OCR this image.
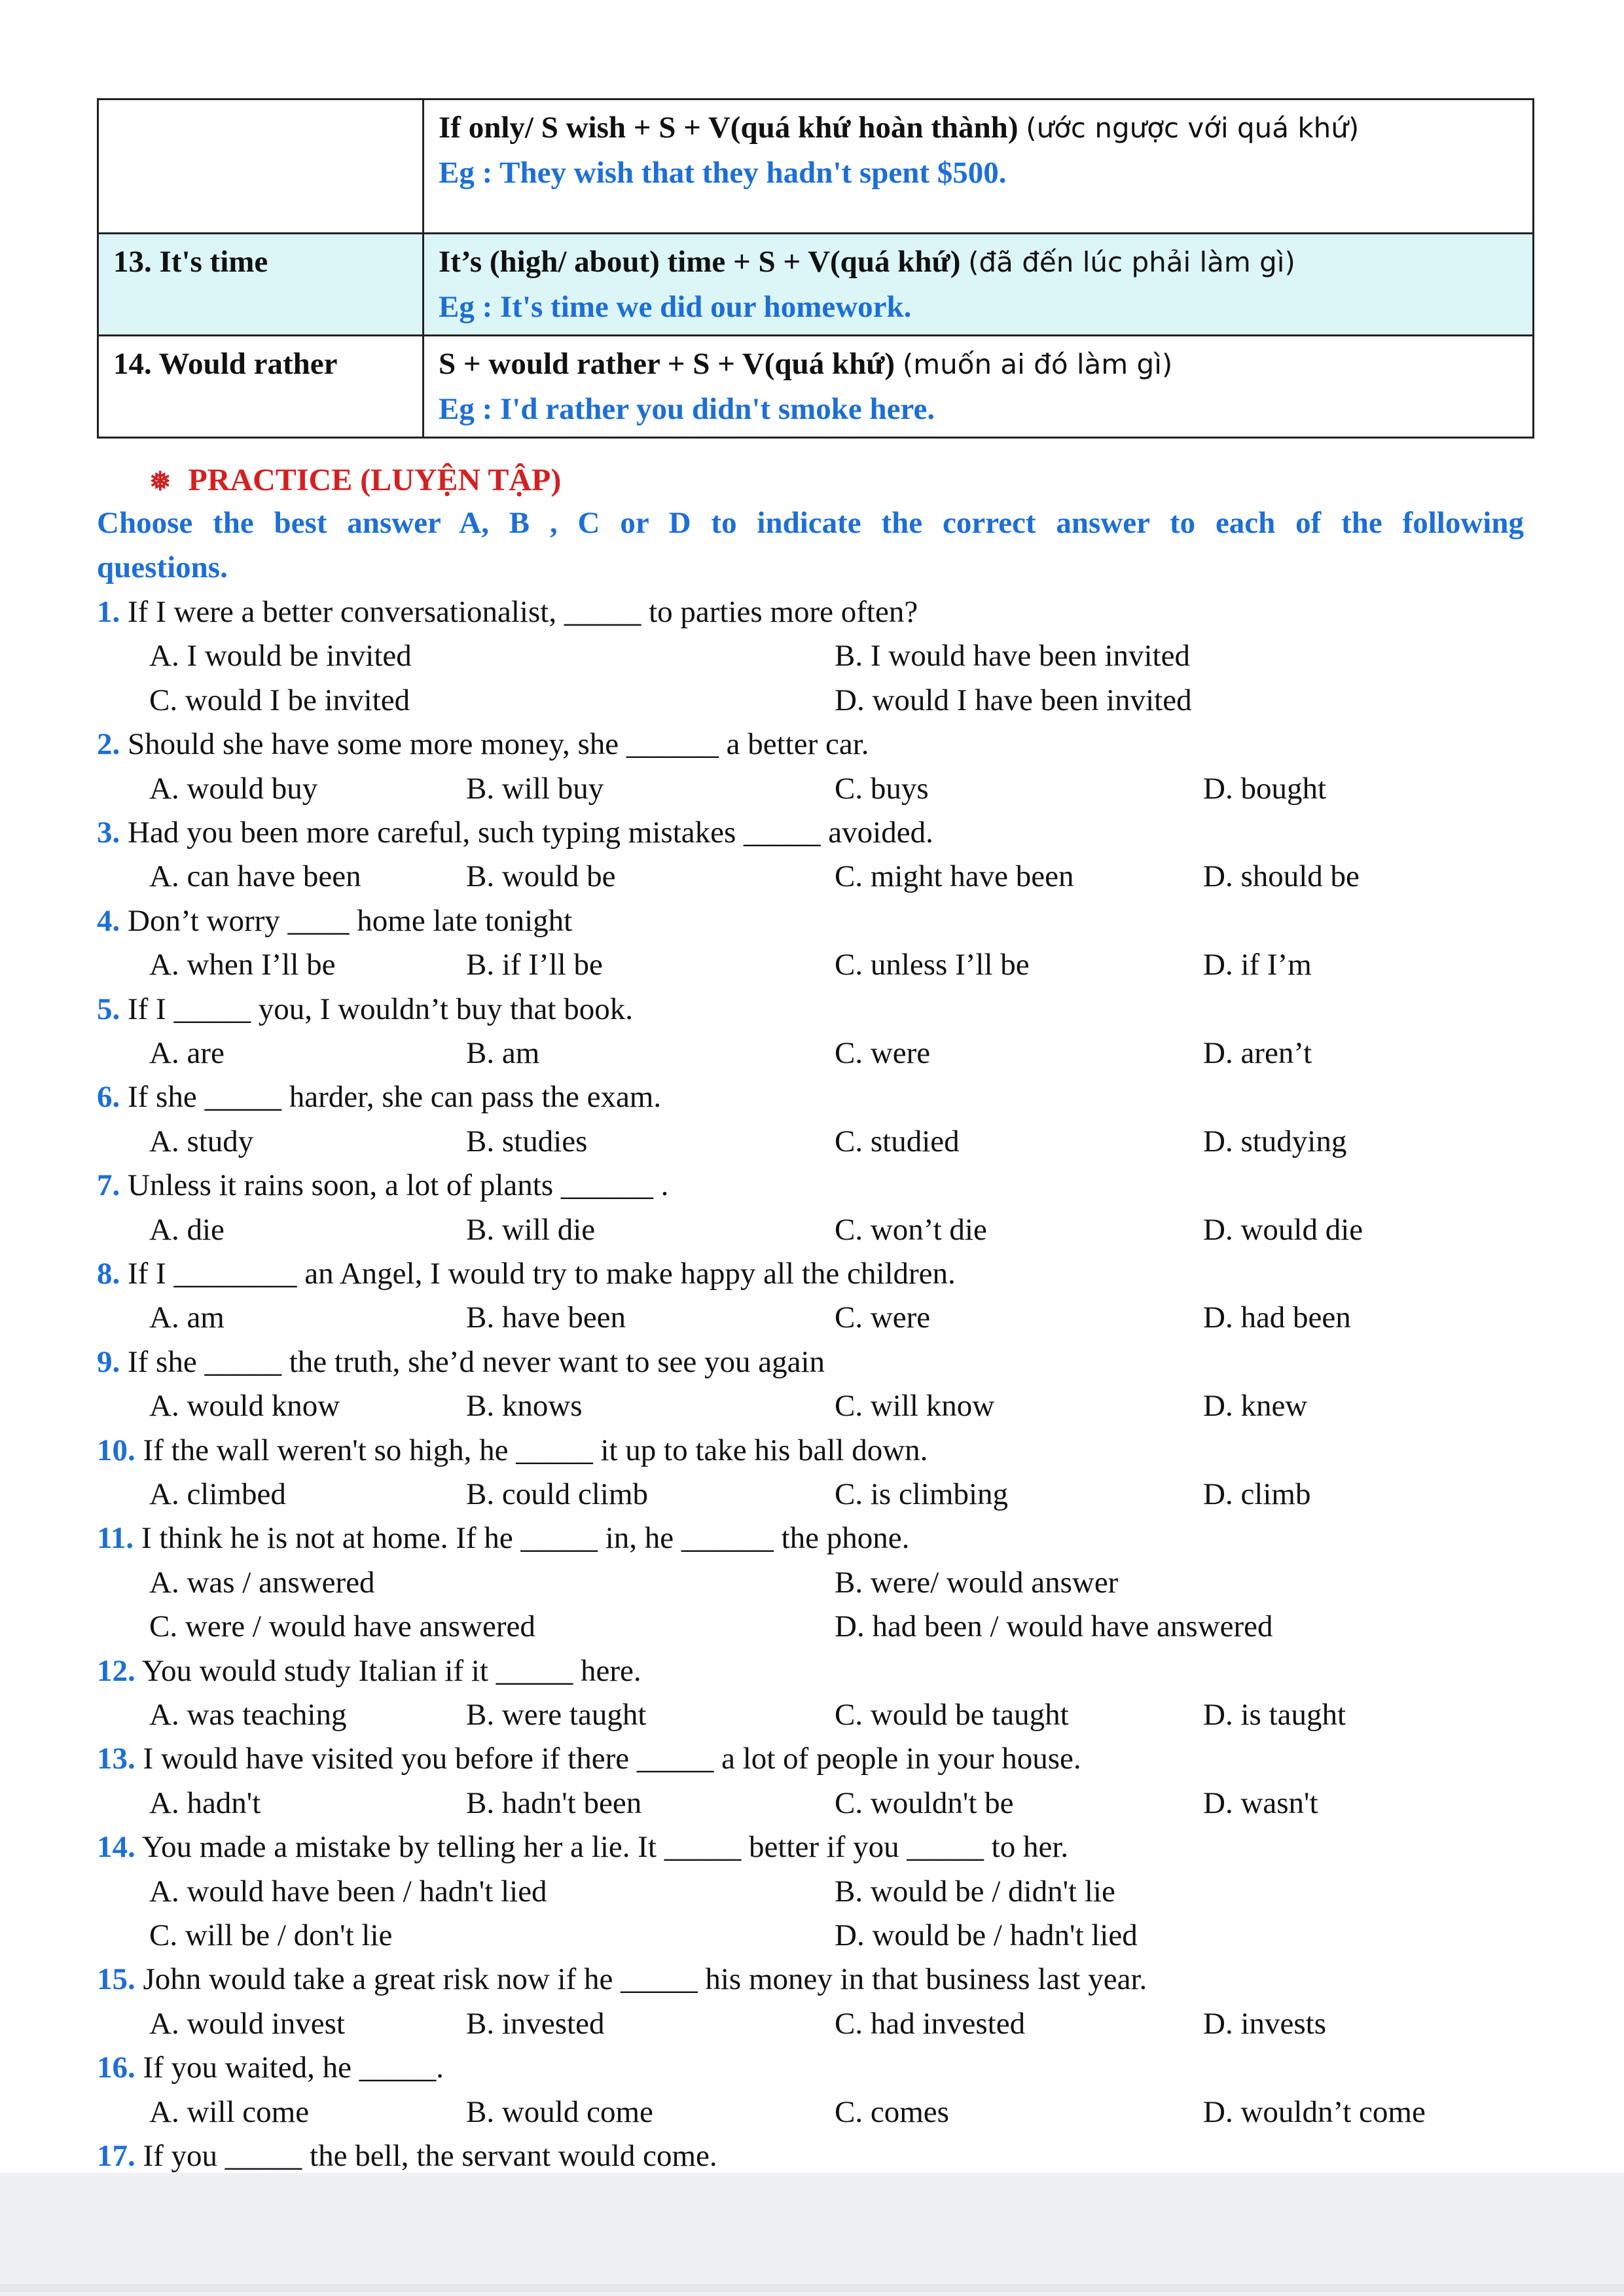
	If only/ S wish + S + V(quá khứ hoàn thành) (ước ngược với quá khứ)
Eg : They wish that they hadn't spent $500.
13. It's time	It’s (high/ about) time + S + V(quá khứ) (đã đến lúc phải làm gì)
Eg : It's time we did our homework.
14. Would rather	S + would rather + S + V(quá khứ) (muốn ai đó làm gì)
Eg : I'd rather you didn't smoke here.
❅ PRACTICE (LUYỆN TẬP)
Choose the best answer A, B , C or D to indicate the correct answer to each of the following
questions.
1. If I were a better conversationalist, _____ to parties more often?
A. I would be invited	B. I would have been invited
C. would I be invited	D. would I have been invited
2. Should she have some more money, she ______ a better car.
A. would buy	B. will buy	C. buys	D. bought
3. Had you been more careful, such typing mistakes _____ avoided.
A. can have been	B. would be	C. might have been	D. should be
4. Don’t worry ____ home late tonight
A. when I’ll be	B. if I’ll be	C. unless I’ll be	D. if I’m
5. If I _____ you, I wouldn’t buy that book.
A. are	B. am	C. were	D. aren’t
6. If she _____ harder, she can pass the exam.
A. study	B. studies	C. studied	D. studying
7. Unless it rains soon, a lot of plants ______ .
A. die	B. will die	C. won’t die	D. would die
8. If I ________ an Angel, I would try to make happy all the children.
A. am	B. have been	C. were	D. had been
9. If she _____ the truth, she’d never want to see you again
A. would know	B. knows	C. will know	D. knew
10. If the wall weren't so high, he _____ it up to take his ball down.
A. climbed	B. could climb	C. is climbing	D. climb
11. I think he is not at home. If he _____ in, he ______ the phone.
A. was / answered	B. were/ would answer
C. were / would have answered	D. had been / would have answered
12. You would study Italian if it _____ here.
A. was teaching	B. were taught	C. would be taught	D. is taught
13. I would have visited you before if there _____ a lot of people in your house.
A. hadn't	B. hadn't been	C. wouldn't be	D. wasn't
14. You made a mistake by telling her a lie. It _____ better if you _____ to her.
A. would have been / hadn't lied	B. would be / didn't lie
C. will be / don't lie	D. would be / hadn't lied
15. John would take a great risk now if he _____ his money in that business last year.
A. would invest	B. invested	C. had invested	D. invests
16. If you waited, he _____.
A. will come	B. would come	C. comes	D. wouldn’t come
17. If you _____ the bell, the servant would come.
